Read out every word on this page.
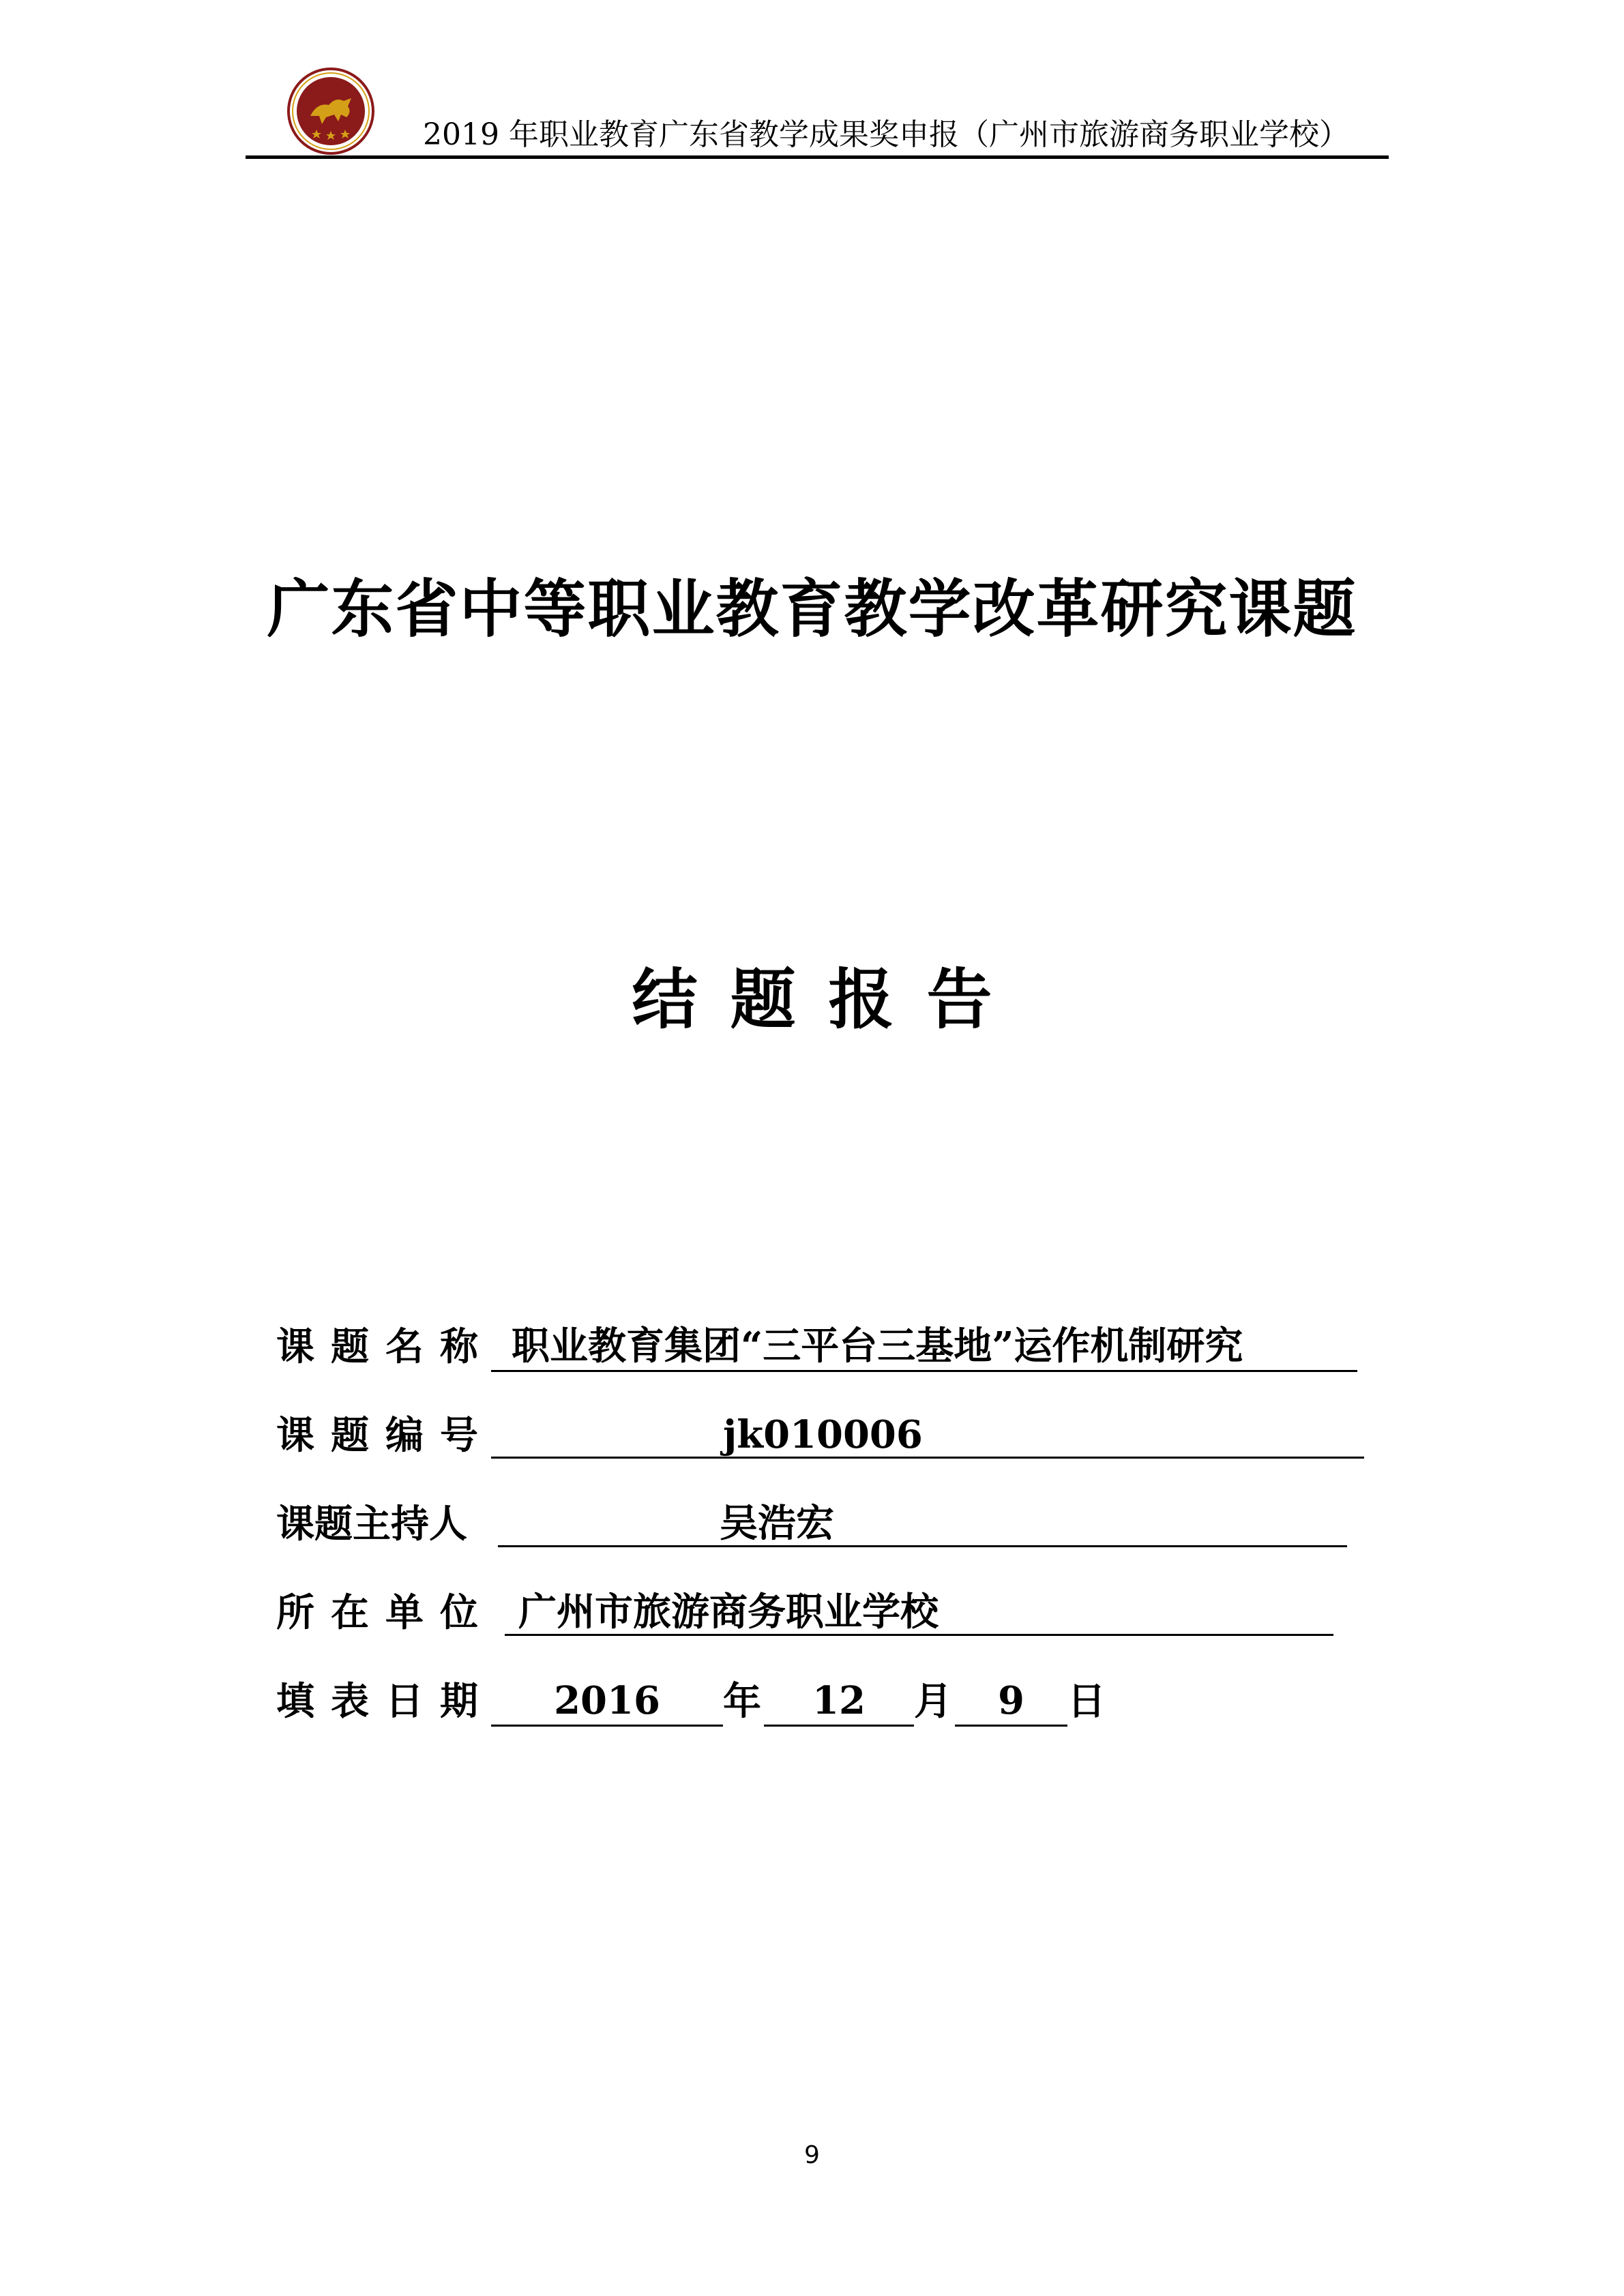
2019 年职业教育广东省教学成果奖申报（广州市旅游商务职业学校）
广东省中等职业教育教学改革研究课题
结题报告
课题名称 职业教育集团“三平台三基地”运作机制研究
课题编号	jk010006
课题主持人	吴浩宏
所在单位 广州市旅游商务职业学校
填表日期	2016	年	12	月	9	日
9
